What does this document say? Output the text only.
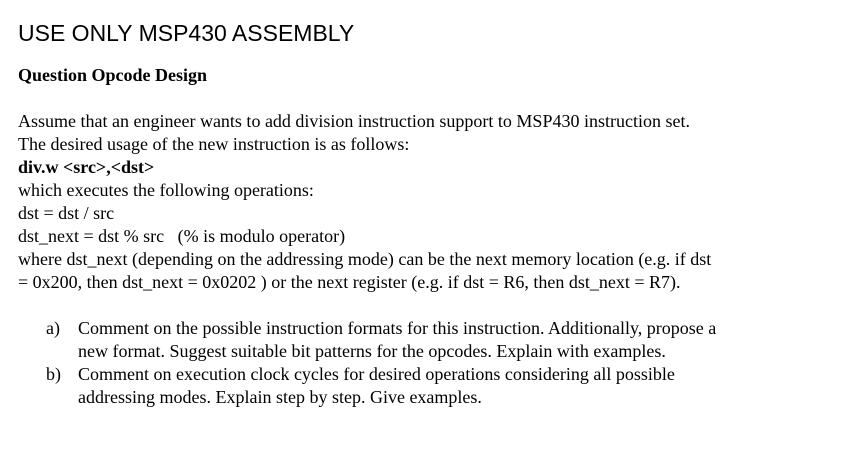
USE ONLY MSP430 ASSEMBLY
Question Opcode Design
Assume that an engineer wants to add division instruction support to MSP430 instruction set.
The desired usage of the new instruction is as follows:
div.w <src>,<dst>
which executes the following operations:
dst = dst / src
dst_next = dst % src   (% is modulo operator)
where dst_next (depending on the addressing mode) can be the next memory location (e.g. if dst
= 0x200, then dst_next = 0x0202 ) or the next register (e.g. if dst = R6, then dst_next = R7).
a) Comment on the possible instruction formats for this instruction. Additionally, propose a
new format. Suggest suitable bit patterns for the opcodes. Explain with examples.
b) Comment on execution clock cycles for desired operations considering all possible
addressing modes. Explain step by step. Give examples.
